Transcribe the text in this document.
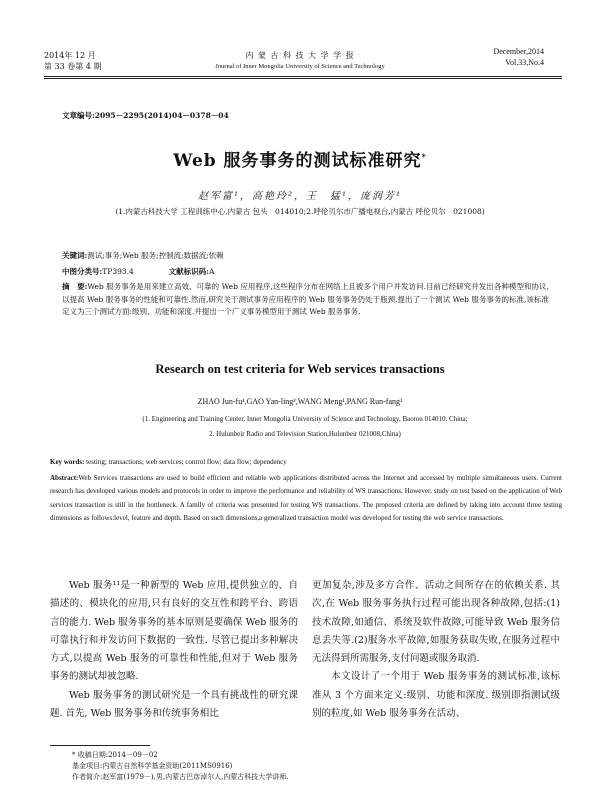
2014年 12 月
第 33 卷第 4 期
内 蒙 古 科 技 大 学 学 报
Journal of Inner Mongolia University of Science and Technology
December,2014
Vol.33,No.4
文章编号:2095－2295(2014)04－0378－04
Web 服务事务的测试标准研究*
赵军富¹，高艳玲²，王　猛¹，庞润芳¹
(1.内蒙古科技大学 工程训练中心,内蒙古 包头　014010;2.呼伦贝尔市广播电视台,内蒙古 呼伦贝尔　021008)
关键词:测试;事务;Web 服务;控制流;数据流;依赖
中图分类号:TP393.4	文献标识码:A
摘　要:Web 服务事务是用来建立高效、可靠的 Web 应用程序,这些程序分布在网络上且被多个用户并发访问.目前已经研究并发出各种模型和协议,以提高 Web 服务事务的性能和可靠性.然而,研究关于测试事务应用程序的 Web 服务事务仍处于瓶颈.提出了一个测试 Web 服务事务的标准,该标准定义为三个测试方面:级别、功能和深度.并提出一个广义事务模型用于测试 Web 服务事务.
Research on test criteria for Web services transactions
ZHAO Jun-fu¹,GAO Yan-ling²,WANG Meng¹,PANG Run-fang¹
(1. Engineering and Training Center, Inner Mongolia University of Science and Technology, Baotou 014010, China;
2. Hulunbeir Radio and Television Station,Hulunbeir 021008,China)
Key words: testing; transactions; web services; control flow; data flow; dependency
Abstract:Web Services transactions are used to build efficient and reliable web applications distributed across the Internet and accessed by multiple simultaneous users. Current research has developed various models and protocols in order to improve the performance and reliability of WS transactions. However, study on test based on the application of Web services transaction is still in the bottleneck. A family of criteria was presented for testing WS transactions. The proposed criteria are defined by taking into account three testing dimensions as follows:level, feature and depth. Based on such dimensions,a generalized transaction model was developed for testing the web service transactions.

Web 服务¹¹是一种新型的 Web 应用,提供独立的、自描述的、模块化的应用,只有良好的交互性和跨平台、跨语言的能力. Web 服务事务的基本原则是要确保 Web 服务的可靠执行和并发访问下数据的一致性. 尽管已提出多种解决方式,以提高 Web 服务的可靠性和性能,但对于 Web 服务事务的测试却被忽略.

Web 服务事务的测试研究是一个具有挑战性的研究课题. 首先, Web 服务事务和传统事务相比

更加复杂,涉及多方合作、活动之间所存在的依赖关系. 其次,在 Web 服务事务执行过程可能出现各种故障,包括:(1)技术故障,如通信、系统及软件故障,可能导致 Web 服务信息丢失等.(2)服务水平故障,如服务获取失败,在服务过程中无法得到所需服务,支付问题或服务取消.

本文设计了一个用于 Web 服务事务的测试标准,该标准从 3 个方面来定义:级别、功能和深度. 级别即指测试级别的粒度,如 Web 服务事务在活动、

* 收稿日期:2014－09－02
基金项目:内蒙古自然科学基金资助(2011MS0916)
作者简介:赵军富(1979－),男,内蒙古巴彦淖尔人,内蒙古科技大学讲师.
